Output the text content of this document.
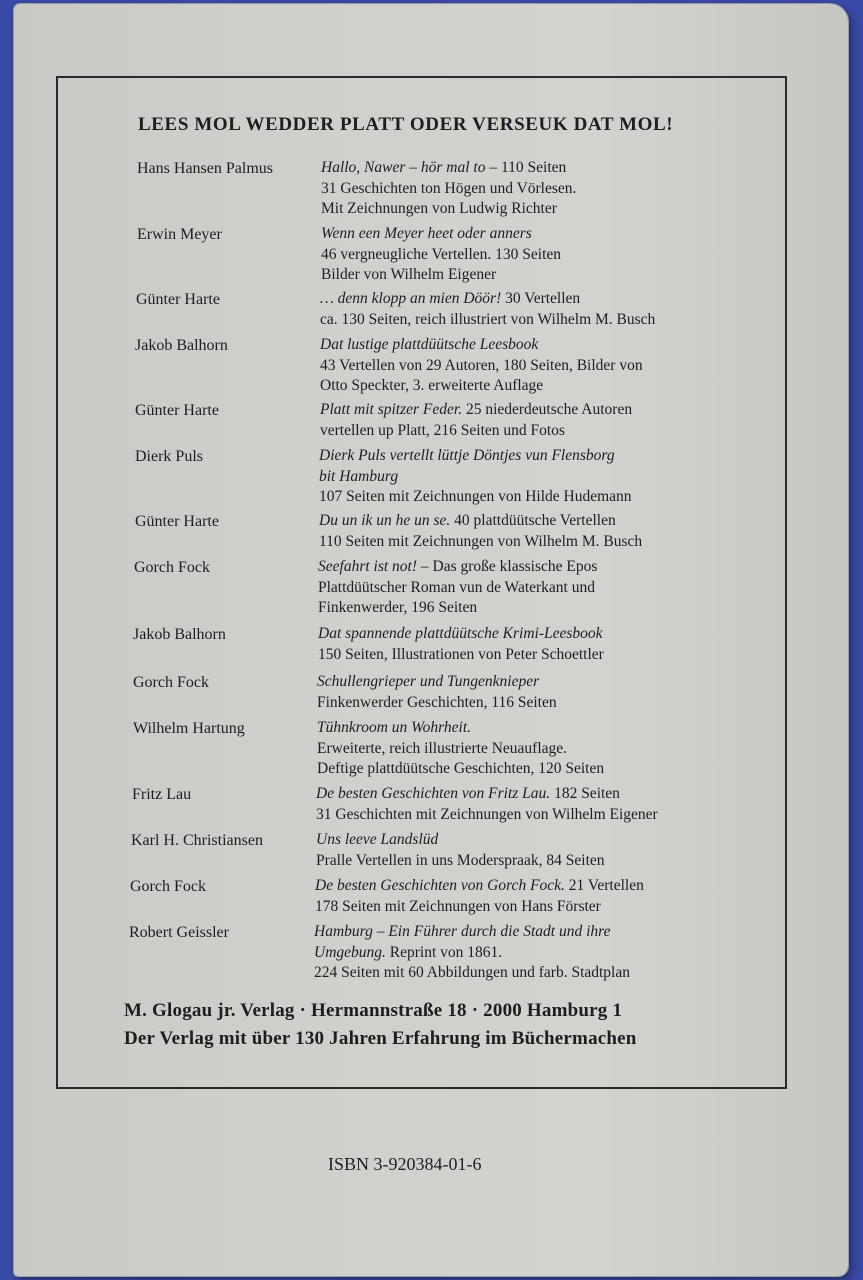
LEES MOL WEDDER PLATT ODER VERSEUK DAT MOL!
Hans Hansen Palmus	Hallo, Nawer – hör mal to – 110 Seiten
31 Geschichten ton Högen und Vörlesen.
Mit Zeichnungen von Ludwig Richter
Erwin Meyer	Wenn een Meyer heet oder anners
46 vergneugliche Vertellen. 130 Seiten
Bilder von Wilhelm Eigener
Günter Harte	… denn klopp an mien Döör! 30 Vertellen
ca. 130 Seiten, reich illustriert von Wilhelm M. Busch
Jakob Balhorn	Dat lustige plattdüütsche Leesbook
43 Vertellen von 29 Autoren, 180 Seiten, Bilder von
Otto Speckter, 3. erweiterte Auflage
Günter Harte	Platt mit spitzer Feder. 25 niederdeutsche Autoren
vertellen up Platt, 216 Seiten und Fotos
Dierk Puls	Dierk Puls vertellt lüttje Döntjes vun Flensborg
bit Hamburg
107 Seiten mit Zeichnungen von Hilde Hudemann
Günter Harte	Du un ik un he un se. 40 plattdüütsche Vertellen
110 Seiten mit Zeichnungen von Wilhelm M. Busch
Gorch Fock	Seefahrt ist not! – Das große klassische Epos
Plattdüütscher Roman vun de Waterkant und
Finkenwerder, 196 Seiten
Jakob Balhorn	Dat spannende plattdüütsche Krimi-Leesbook
150 Seiten, Illustrationen von Peter Schoettler
Gorch Fock	Schullengrieper und Tungenknieper
Finkenwerder Geschichten, 116 Seiten
Wilhelm Hartung	Tühnkroom un Wohrheit.
Erweiterte, reich illustrierte Neuauflage.
Deftige plattdüütsche Geschichten, 120 Seiten
Fritz Lau	De besten Geschichten von Fritz Lau. 182 Seiten
31 Geschichten mit Zeichnungen von Wilhelm Eigener
Karl H. Christiansen	Uns leeve Landslüd
Pralle Vertellen in uns Moderspraak, 84 Seiten
Gorch Fock	De besten Geschichten von Gorch Fock. 21 Vertellen
178 Seiten mit Zeichnungen von Hans Förster
Robert Geissler	Hamburg – Ein Führer durch die Stadt und ihre
Umgebung. Reprint von 1861.
224 Seiten mit 60 Abbildungen und farb. Stadtplan
M. Glogau jr. Verlag · Hermannstraße 18 · 2000 Hamburg 1
Der Verlag mit über 130 Jahren Erfahrung im Büchermachen
ISBN 3-920384-01-6
